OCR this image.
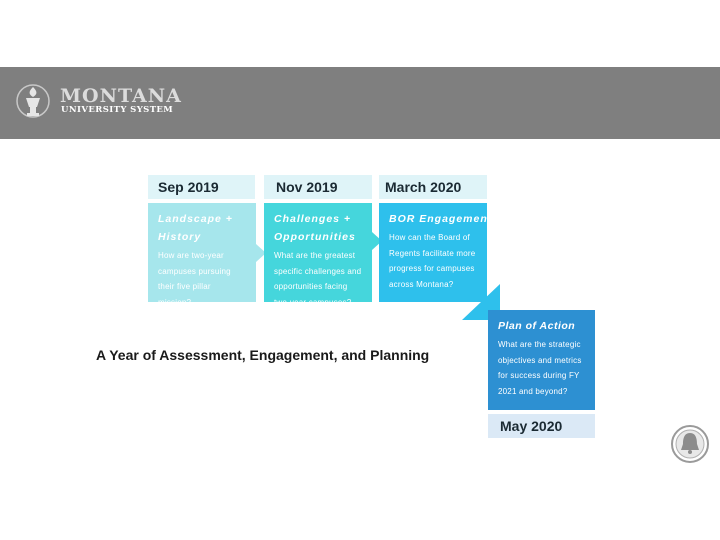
MONTANA
UNIVERSITY SYSTEM
Sep 2019
Landscape + History
How are two-year campuses pursuing their five pillar mission?
Nov 2019
Challenges + Opportunities
What are the greatest specific challenges and opportunities facing two-year campuses?
March 2020
BOR Engagement
How can the Board of Regents facilitate more progress for campuses across Montana?
Plan of Action
What are the strategic objectives and metrics for success during FY 2021 and beyond?
May 2020
A Year of Assessment, Engagement, and Planning
